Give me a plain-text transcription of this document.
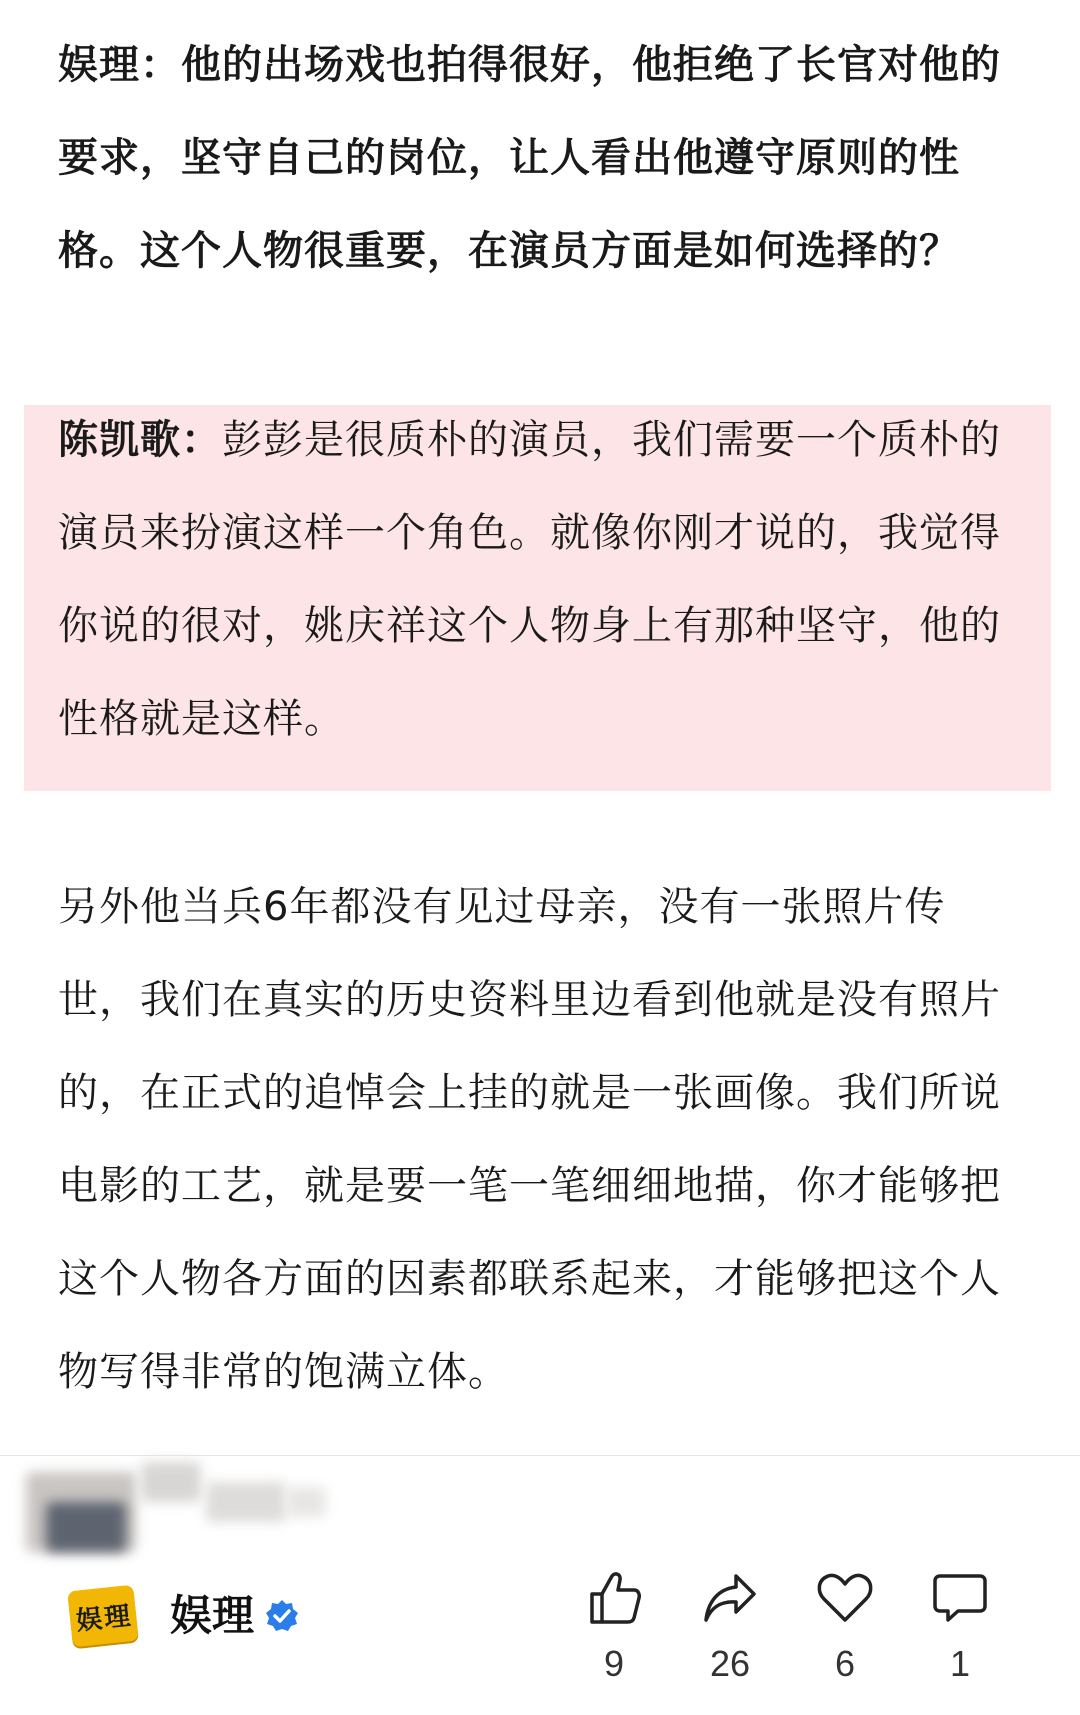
娱理：他的出场戏也拍得很好，他拒绝了长官对他的要求，坚守自己的岗位，让人看出他遵守原则的性格。这个人物很重要，在演员方面是如何选择的？

陈凯歌：彭彭是很质朴的演员，我们需要一个质朴的演员来扮演这样一个角色。就像你刚才说的，我觉得你说的很对，姚庆祥这个人物身上有那种坚守，他的性格就是这样。

另外他当兵6年都没有见过母亲，没有一张照片传世，我们在真实的历史资料里边看到他就是没有照片的，在正式的追悼会上挂的就是一张画像。我们所说电影的工艺，就是要一笔一笔细细地描，你才能够把这个人物各方面的因素都联系起来，才能够把这个人物写得非常的饱满立体。

娱
理 娱理
9	26	6	1
